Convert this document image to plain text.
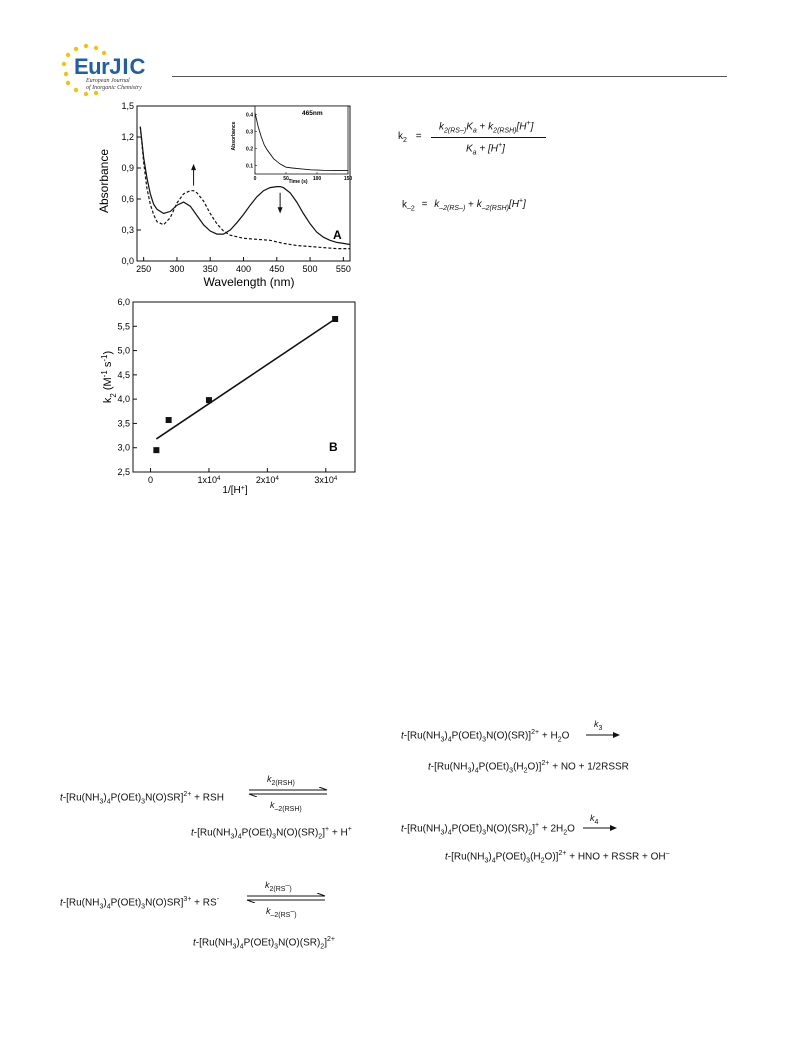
EurJIC
European Journal
of Inorganic Chemistry
250 300 350 400 450 500 550
0,0
0,3
0,6
0,9
1,2
1,5
Absorbance
Wavelength (nm)
A
0	50	100	150
0.1
0.2
0.3
0.4	465nm
Absorbance
Time (s)
0	$1x10^4$	$2x10^4$	$3x10^4$
2,5
3,0
3,5
4,0
4,5
5,0
5,5
6,0
$k_2$ ($M^{-1}$ $s^{-1}$)
1/[H+]
B
$k_2$ =
$k_{2(RS-)}K_a + k_{2(RSH)}[H^+]$
$K_a + [H^+]$
$k_{-2} = k_{-2(RS-)} + k_{-2(RSH)}[H^+]$
$t-[Ru(NH_3)_4P(OEt)_3N(O)SR]^{2+}$ + RSH
$k_{2(RSH)}$
$k_{-2(RSH)}$
$t-[Ru(NH_3)_4P(OEt)_3N(O)(SR)_2]^+ + H^+$
$t-[Ru(NH_3)_4P(OEt)_3N(O)SR]^{3+} + RS^-$
$k_{2(RS^-)}$
$k_{-2(RS^-)}$
$t-[Ru(NH_3)_4P(OEt)_3N(O)(SR)_2]^{2+}$
$t-[Ru(NH_3)_4P(OEt)_3N(O)(SR)]^{2+} + H_2O$
$k_3$
$t-[Ru(NH_3)_4P(OEt)_3(H_2O)]^{2+}$ + NO + 1/2RSSR
$t-[Ru(NH_3)_4P(OEt)_3N(O)(SR)_2]^+ + 2H_2O$
$k_4$
$t-[Ru(NH_3)_4P(OEt)_3(H_2O)]^{2+}$ + HNO + RSSR + OH–
